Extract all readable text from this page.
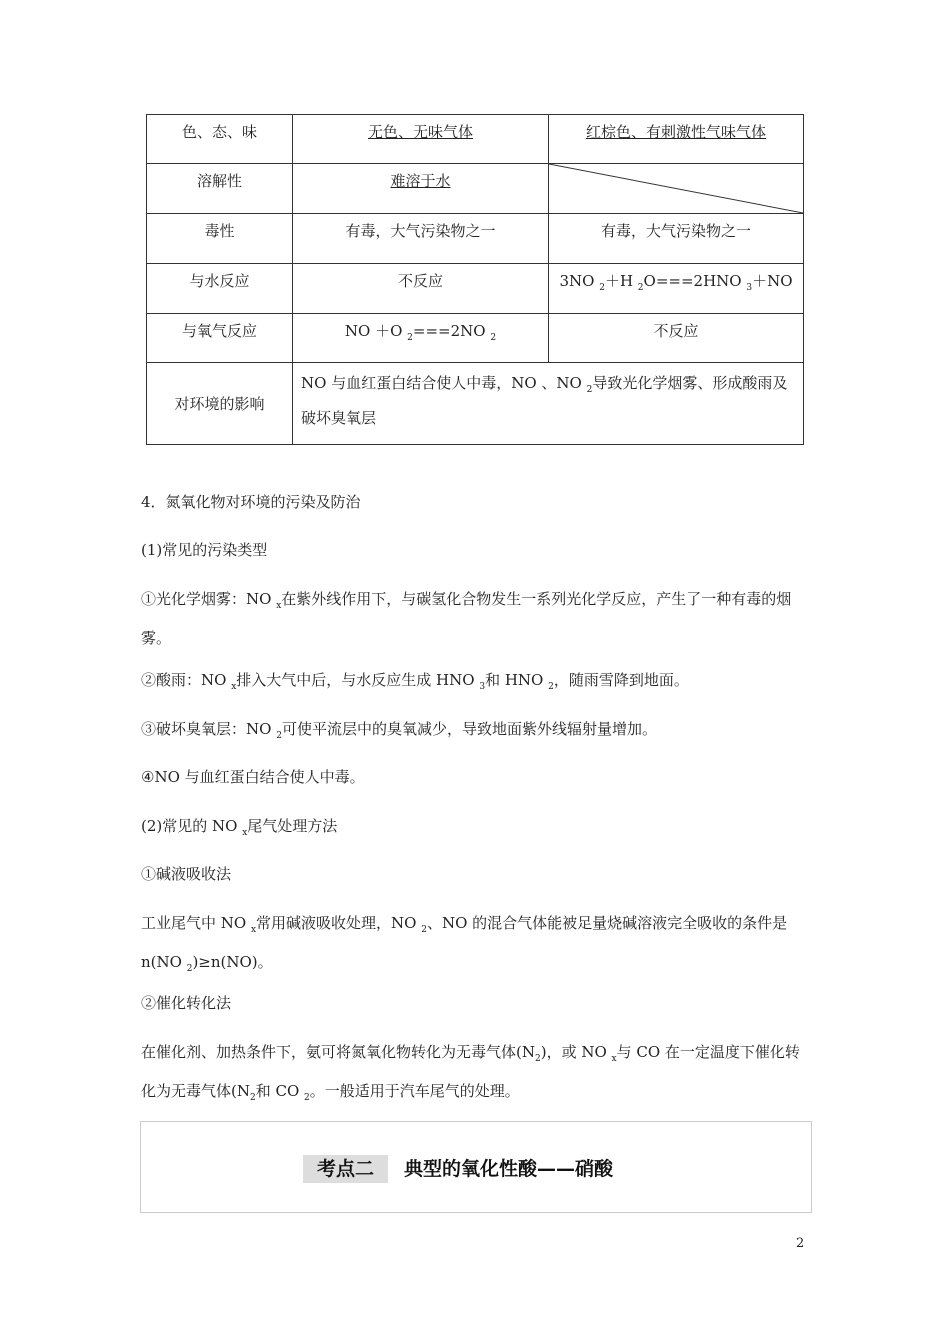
色、态、味	无色、无味气体	红棕色、有刺激性气味气体
溶解性	难溶于水	

毒性	有毒，大气污染物之一	有毒，大气污染物之一
与水反应	不反应	3NO $_2$＋H $_2$O===2HNO $_3$＋NO
与氧气反应	NO ＋O $_2$===2NO $_2$	不反应
对环境的影响	NO 与血红蛋白结合使人中毒，NO 、NO $_2$导致光化学烟雾、形成酸雨及破坏臭氧层	
4．氮氧化物对环境的污染及防治
(1)常见的污染类型
①光化学烟雾：NO $_x$在紫外线作用下，与碳氢化合物发生一系列光化学反应，产生了一种有毒的烟雾。
②酸雨：NO $_x$排入大气中后，与水反应生成 HNO $_3$和 HNO $_2$，随雨雪降到地面。
③破坏臭氧层：NO $_2$可使平流层中的臭氧减少，导致地面紫外线辐射量增加。
④NO 与血红蛋白结合使人中毒。
(2)常见的 NO $_x$尾气处理方法
①碱液吸收法
工业尾气中 NO $_x$常用碱液吸收处理，NO $_2$、NO 的混合气体能被足量烧碱溶液完全吸收的条件是 n(NO $_2$)≥n(NO)。
②催化转化法
在催化剂、加热条件下，氨可将氮氧化物转化为无毒气体$(N_2)$，或 NO $_x$与 CO 在一定温度下催化转化为无毒气体($N_2$和 CO $_2$。一般适用于汽车尾气的处理。
考点二 典型的氧化性酸——硝酸
2
